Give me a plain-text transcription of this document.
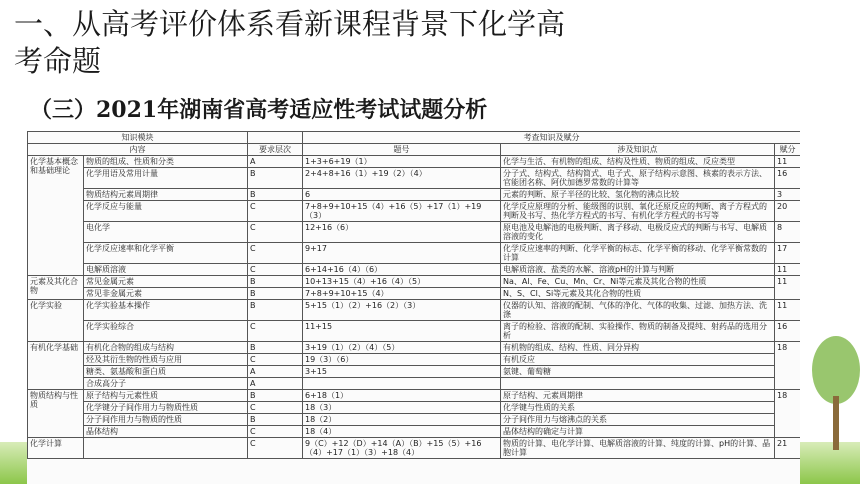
一、从高考评价体系看新课程背景下化学高考命题
（三）2021年湖南省高考适应性考试试题分析
知识模块			考查知识及赋分		
内容		要求层次	题号	涉及知识点	赋分
化学基本概念和基础理论	物质的组成、性质和分类	A	1+3+6+19（1）	化学与生活、有机物的组成、结构及性质、物质的组成、反应类型	11
	化学用语及常用计量	B	2+4+8+16（1）+19（2）（4）	分子式、结构式、结构简式、电子式、原子结构示意图、核素的表示方法、官能团名称、阿伏加德罗常数的计算等	16
	物质结构元素周期律	B	6	元素的判断、原子半径的比较、氢化物的沸点比较	3
	化学反应与能量	C	7+8+9+10+15（4）+16（5）+17（1）+19（3）	化学反应原理的分析、能级图的识别、氧化还原反应的判断、离子方程式的判断及书写、热化学方程式的书写、有机化学方程式的书写等	20
	电化学	C	12+16（6）	原电池及电解池的电极判断、离子移动、电极反应式的判断与书写、电解质溶液的变化	8
	化学反应速率和化学平衡	C	9+17	化学反应速率的判断、化学平衡的标志、化学平衡的移动、化学平衡常数的计算	17
	电解质溶液	C	6+14+16（4）（6）	电解质溶液、盐类的水解、溶液pH的计算与判断	11
元素及其化合物	常见金属元素	B	10+13+15（4）+16（4）（5）	Na、Al、Fe、Cu、Mn、Cr、Ni等元素及其化合物的性质	11
	常见非金属元素	B	7+8+9+10+15（4）	N、S、Cl、Si等元素及其化合物的性质	
化学实验	化学实验基本操作	B	5+15（1）（2）+16（2）（3）	仪器的认知、溶液的配制、气体的净化、气体的收集、过滤、加热方法、洗涤	11
	化学实验综合	C	11+15	离子的检验、溶液的配制、实验操作、物质的制备及提纯、射药品的选用分析	16
有机化学基础	有机化合物的组成与结构	B	3+19（1）（2）（4）（5）	有机物的组成、结构、性质、同分异构	18
	烃及其衍生物的性质与应用	C	19（3）（6）	有机反应	
	糖类、氨基酸和蛋白质	A	3+15	氨键、葡萄糖	
	合成高分子	A			
物质结构与性质	原子结构与元素性质	B	6+18（1）	原子结构、元素周期律	18
	化学键分子间作用力与物质性质	C	18（3）	化学键与性质的关系	
	分子间作用力与物质的性质	B	18（2）	分子间作用力与熔沸点的关系	
	晶体结构	C	18（4）	晶体结构的确定与计算	
化学计算		C	9（C）+12（D）+14（A）（B）+15（5）+16（4）+17（1）（3）+18（4）	物质的计算、电化学计算、电解质溶液的计算、纯度的计算、pH的计算、晶胞计算	21
